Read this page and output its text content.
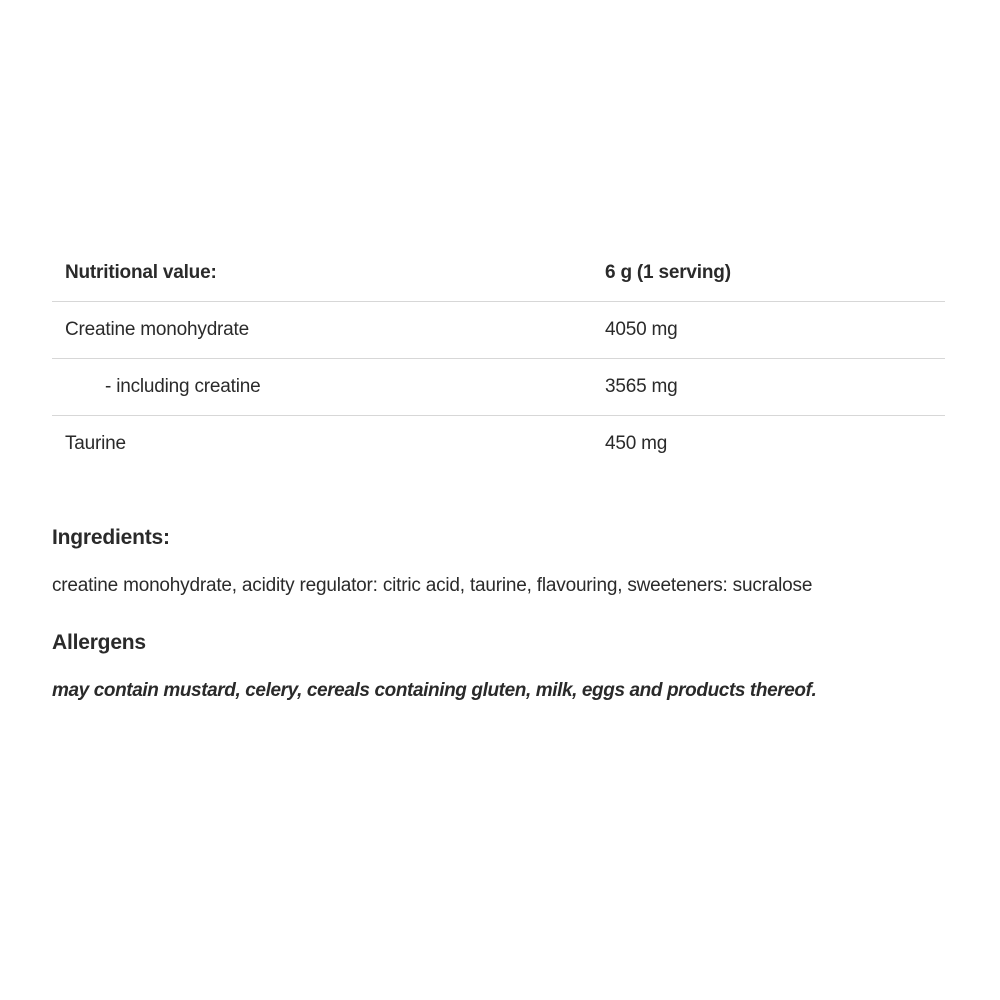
Nutritional value:	6 g (1 serving)
Creatine monohydrate	4050 mg
- including creatine	3565 mg
Taurine	450 mg
Ingredients:
creatine monohydrate, acidity regulator: citric acid, taurine, flavouring, sweeteners: sucralose
Allergens
may contain mustard, celery, cereals containing gluten, milk, eggs and products thereof.
